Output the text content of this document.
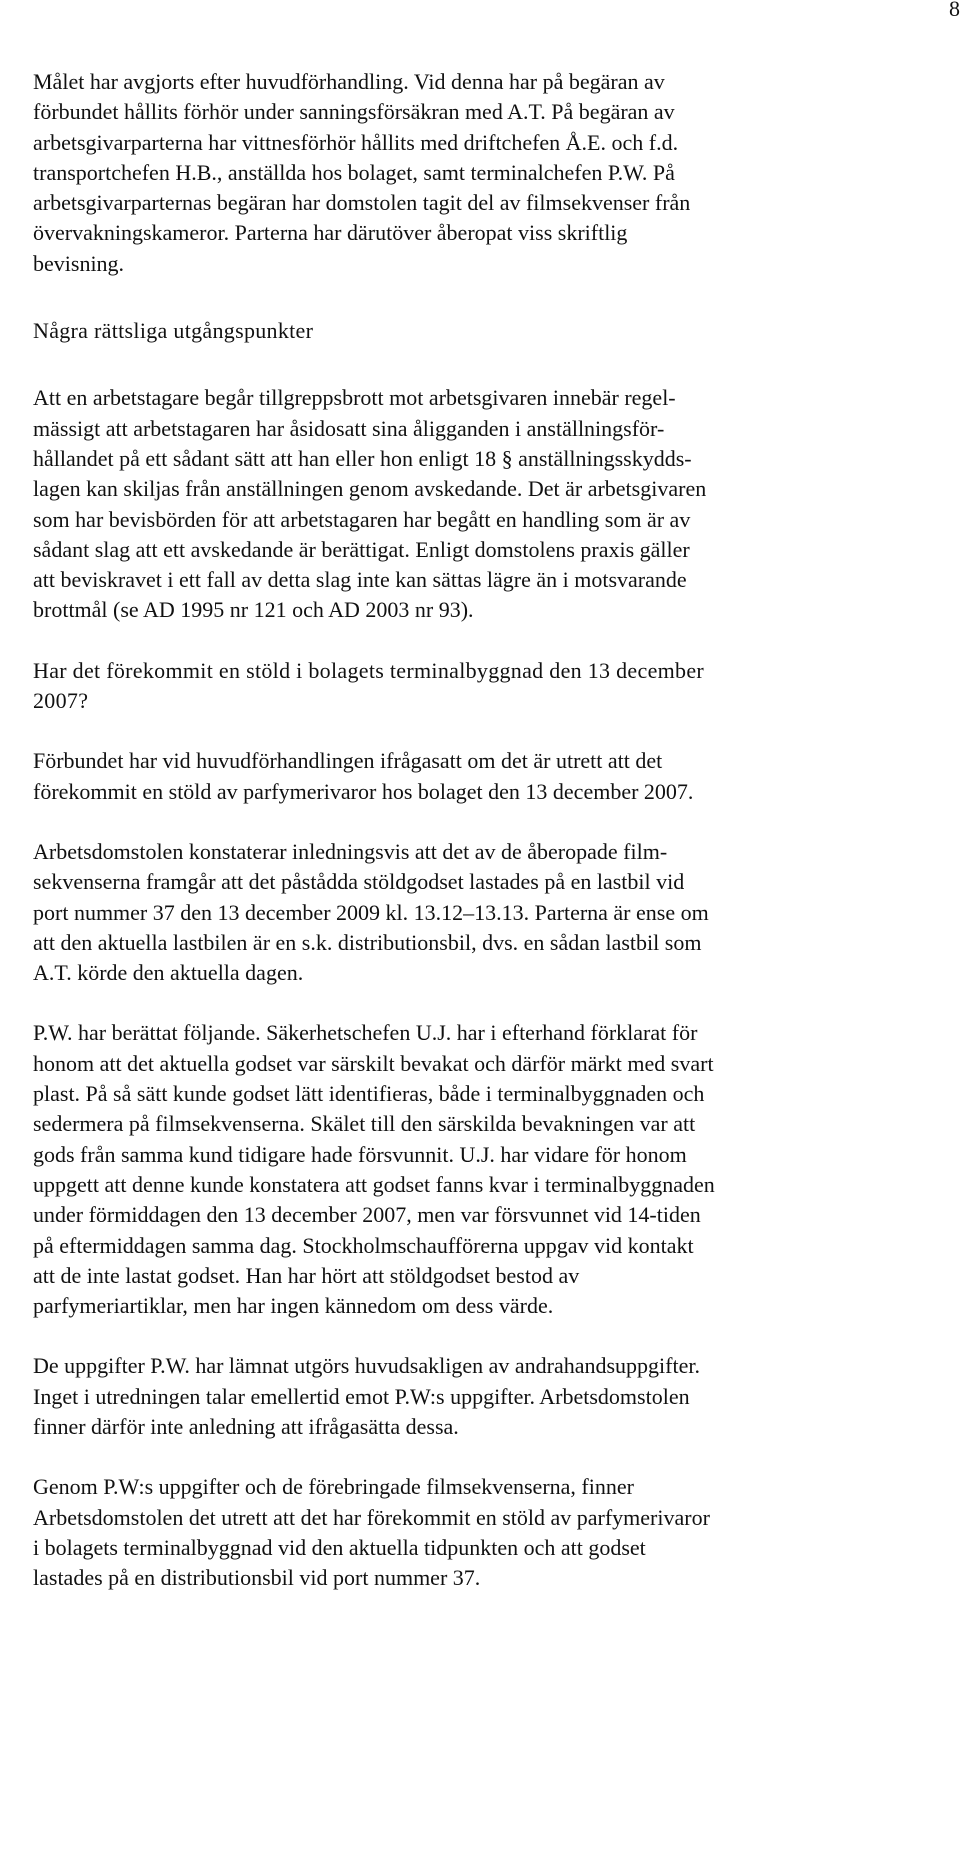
8

Målet har avgjorts efter huvudförhandling. Vid denna har på begäran av
förbundet hållits förhör under sanningsförsäkran med A.T. På begäran av
arbetsgivarparterna har vittnesförhör hållits med driftchefen Å.E. och f.d.
transportchefen H.B., anställda hos bolaget, samt terminalchefen P.W. På
arbetsgivarparternas begäran har domstolen tagit del av filmsekvenser från
övervakningskameror. Parterna har därutöver åberopat viss skriftlig
bevisning.

Några rättsliga utgångspunkter

Att en arbetstagare begår tillgreppsbrott mot arbetsgivaren innebär regel-
mässigt att arbetstagaren har åsidosatt sina åligganden i anställningsför-
hållandet på ett sådant sätt att han eller hon enligt 18 § anställningsskydds-
lagen kan skiljas från anställningen genom avskedande. Det är arbetsgivaren
som har bevisbörden för att arbetstagaren har begått en handling som är av
sådant slag att ett avskedande är berättigat. Enligt domstolens praxis gäller
att beviskravet i ett fall av detta slag inte kan sättas lägre än i motsvarande
brottmål (se AD 1995 nr 121 och AD 2003 nr 93).

Har det förekommit en stöld i bolagets terminalbyggnad den 13 december
2007?

Förbundet har vid huvudförhandlingen ifrågasatt om det är utrett att det
förekommit en stöld av parfymerivaror hos bolaget den 13 december 2007.

Arbetsdomstolen konstaterar inledningsvis att det av de åberopade film-
sekvenserna framgår att det påstådda stöldgodset lastades på en lastbil vid
port nummer 37 den 13 december 2009 kl. 13.12–13.13. Parterna är ense om
att den aktuella lastbilen är en s.k. distributionsbil, dvs. en sådan lastbil som
A.T. körde den aktuella dagen.

P.W. har berättat följande. Säkerhetschefen U.J. har i efterhand förklarat för
honom att det aktuella godset var särskilt bevakat och därför märkt med svart
plast. På så sätt kunde godset lätt identifieras, både i terminalbyggnaden och
sedermera på filmsekvenserna. Skälet till den särskilda bevakningen var att
gods från samma kund tidigare hade försvunnit. U.J. har vidare för honom
uppgett att denne kunde konstatera att godset fanns kvar i terminalbyggnaden
under förmiddagen den 13 december 2007, men var försvunnet vid 14-tiden
på eftermiddagen samma dag. Stockholmschaufförerna uppgav vid kontakt
att de inte lastat godset. Han har hört att stöldgodset bestod av
parfymeriartiklar, men har ingen kännedom om dess värde.

De uppgifter P.W. har lämnat utgörs huvudsakligen av andrahandsuppgifter.
Inget i utredningen talar emellertid emot P.W:s uppgifter. Arbetsdomstolen
finner därför inte anledning att ifrågasätta dessa.

Genom P.W:s uppgifter och de förebringade filmsekvenserna, finner
Arbetsdomstolen det utrett att det har förekommit en stöld av parfymerivaror
i bolagets terminalbyggnad vid den aktuella tidpunkten och att godset
lastades på en distributionsbil vid port nummer 37.
